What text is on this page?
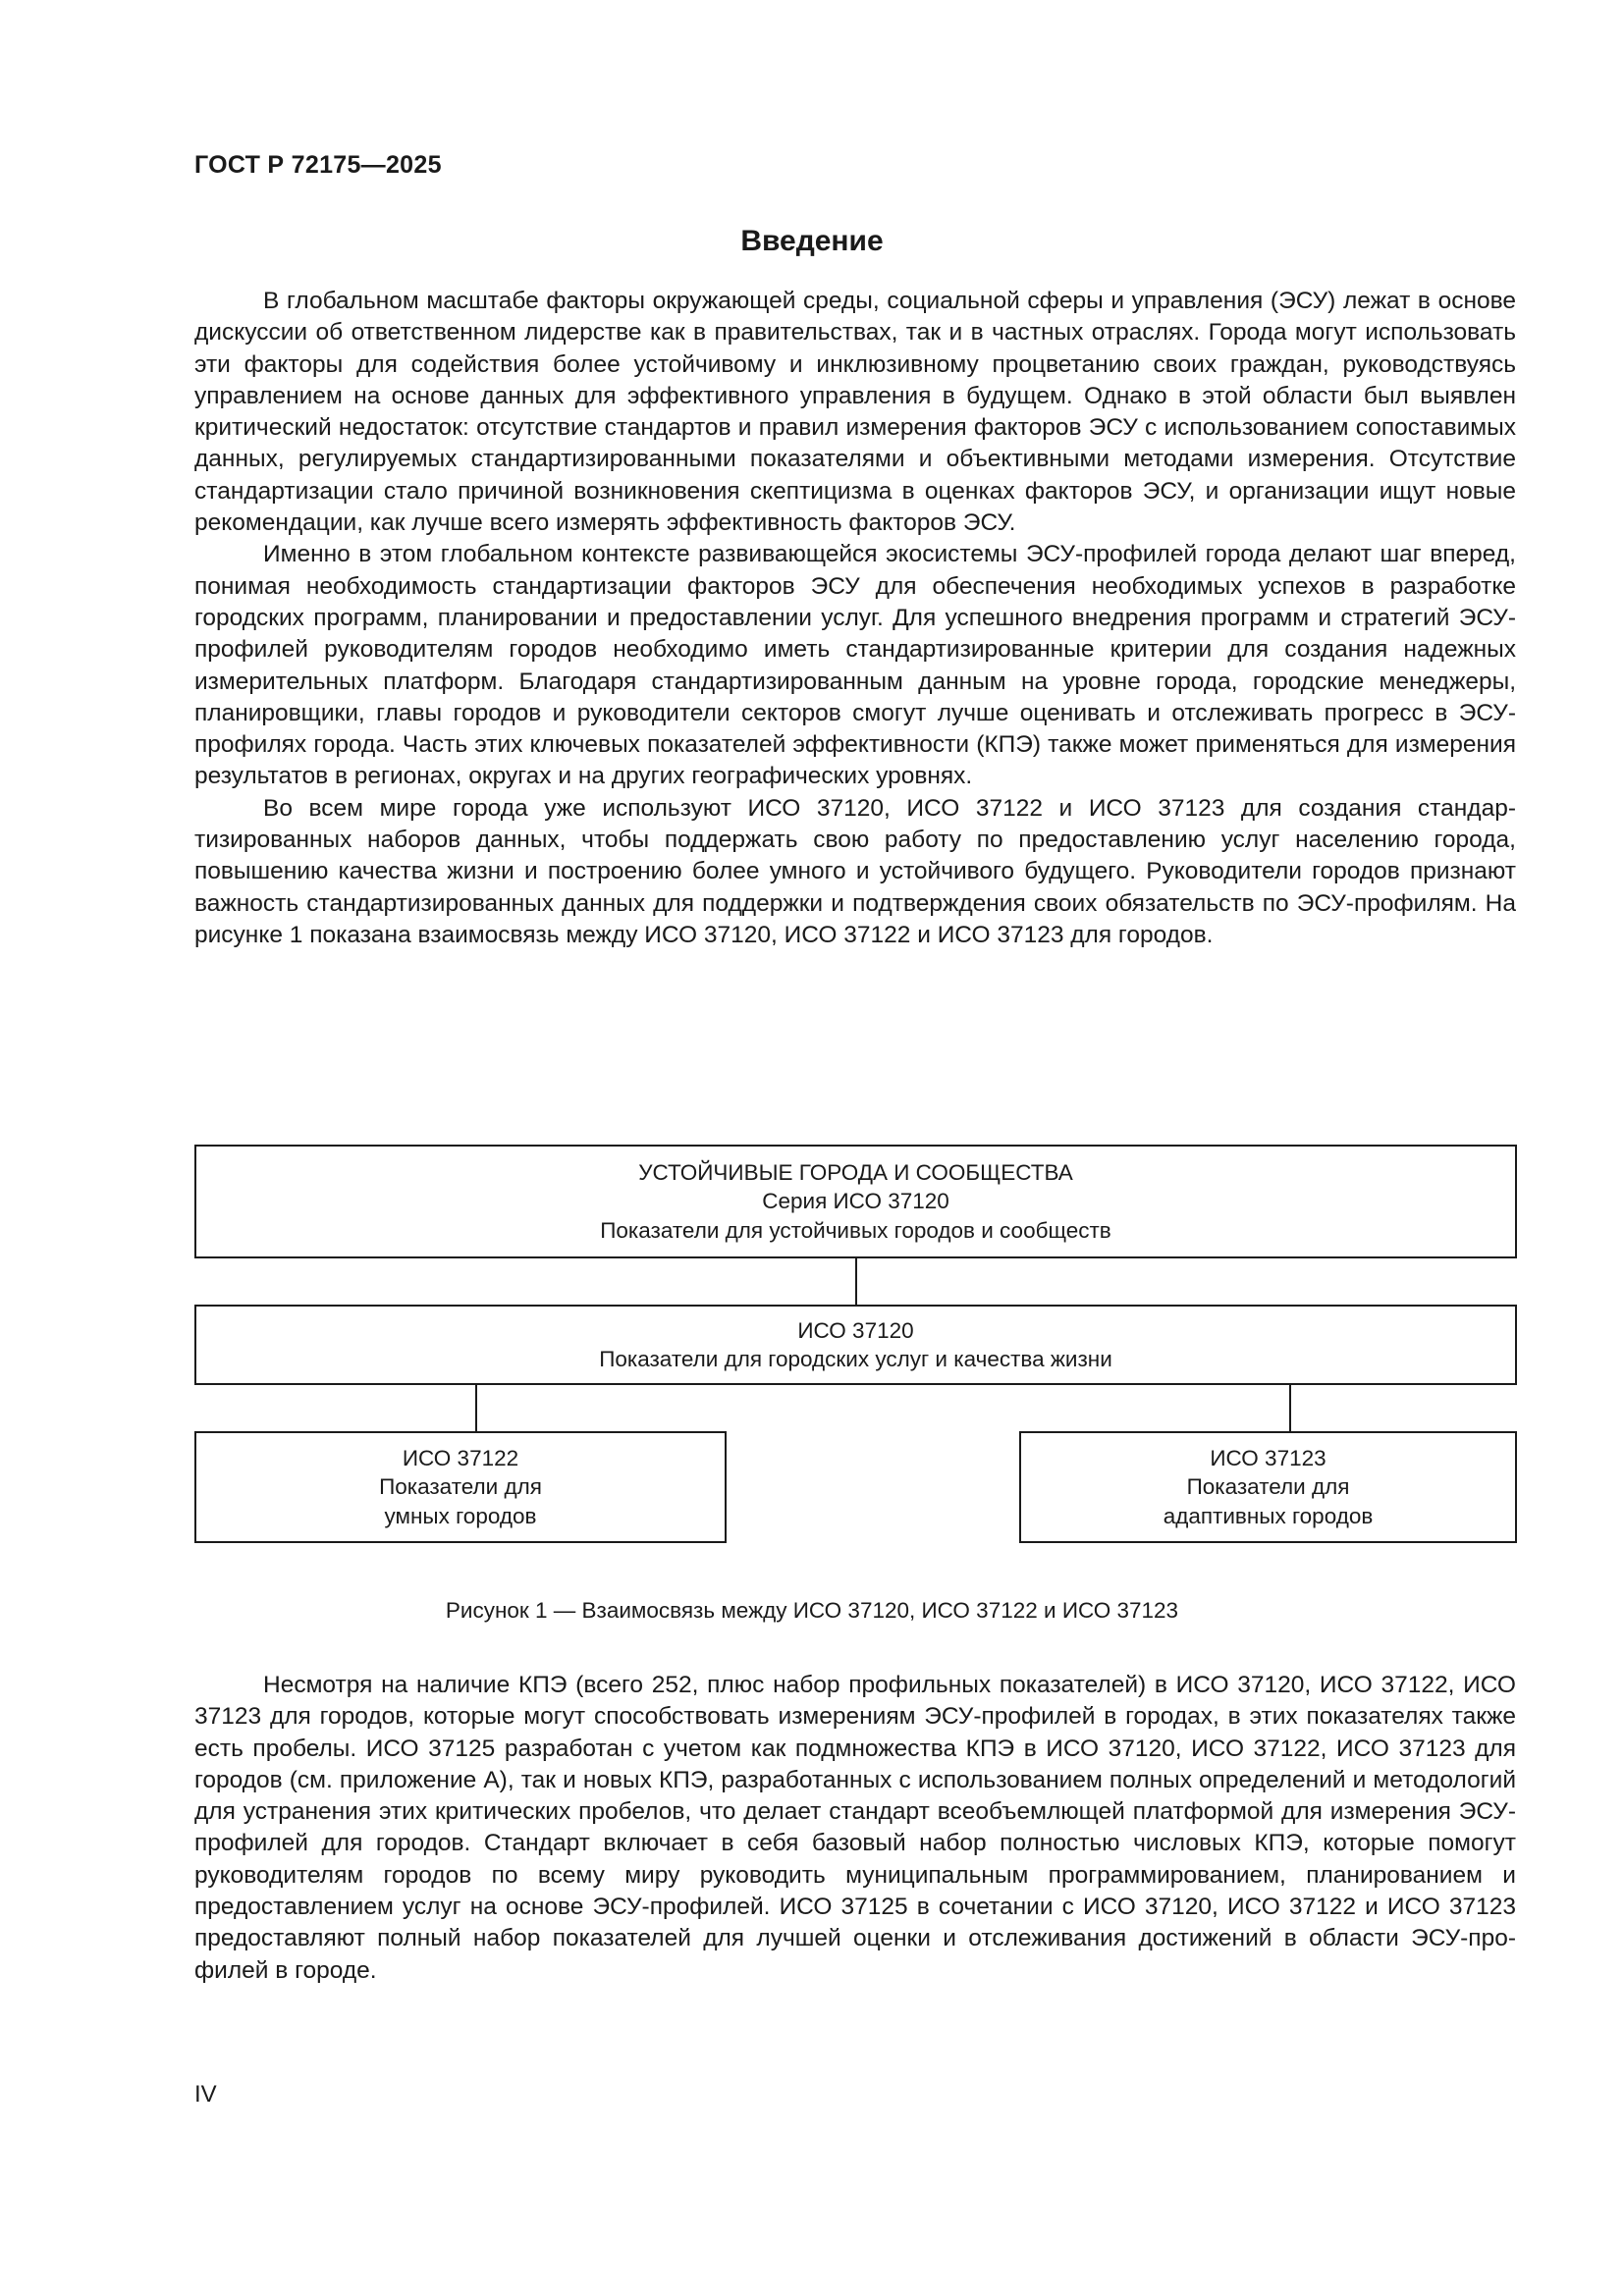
ГОСТ Р 72175—2025
Введение

В глобальном масштабе факторы окружающей среды, социальной сферы и управления (ЭСУ) лежат в основе дискуссии об ответственном лидерстве как в правительствах, так и в частных отраслях. Города могут использовать эти факторы для содействия более устойчивому и инклюзивному процветанию своих граждан, руководствуясь управлением на основе данных для эффективного управления в будущем. Однако в этой области был выявлен критический недостаток: отсутствие стандартов и правил измерения факторов ЭСУ с использованием сопоставимых данных, регулируемых стандартизированными показателями и объективными методами измерения. Отсутствие стандартизации стало причиной возникновения скептицизма в оценках факторов ЭСУ, и организации ищут новые рекомендации, как лучше всего измерять эффективность факторов ЭСУ.

Именно в этом глобальном контексте развивающейся экосистемы ЭСУ-профилей города делают шаг вперед, понимая необходимость стандартизации факторов ЭСУ для обеспечения необходимых успехов в разработке городских программ, планировании и предоставлении услуг. Для успешного внедрения программ и стратегий ЭСУ-профилей руководителям городов необходимо иметь стандартизированные критерии для создания надежных измерительных платформ. Благодаря стандартизированным данным на уровне города, городские менеджеры, планировщики, главы городов и руководители секторов смогут лучше оценивать и отслеживать прогресс в ЭСУ-профилях города. Часть этих ключевых показателей эффективности (КПЭ) также может применяться для измерения результатов в регионах, округах и на других географических уровнях.

Во всем мире города уже используют ИСО 37120, ИСО 37122 и ИСО 37123 для создания стандартизированных наборов данных, чтобы поддержать свою работу по предоставлению услуг населению города, повышению качества жизни и построению более умного и устойчивого будущего. Руководители городов признают важность стандартизированных данных для поддержки и подтверждения своих обязательств по ЭСУ-профилям. На рисунке 1 показана взаимосвязь между ИСО 37120, ИСО 37122 и ИСО 37123 для городов.

УСТОЙЧИВЫЕ ГОРОДА И СООБЩЕСТВА
Серия ИСО 37120
Показатели для устойчивых городов и сообществ
ИСО 37120
Показатели для городских услуг и качества жизни
ИСО 37122
Показатели для
умных городов
ИСО 37123
Показатели для
адаптивных городов
Рисунок 1 — Взаимосвязь между ИСО 37120, ИСО 37122 и ИСО 37123

Несмотря на наличие КПЭ (всего 252, плюс набор профильных показателей) в ИСО 37120, ИСО 37122, ИСО 37123 для городов, которые могут способствовать измерениям ЭСУ-профилей в городах, в этих показателях также есть пробелы. ИСО 37125 разработан с учетом как подмножества КПЭ в ИСО 37120, ИСО 37122, ИСО 37123 для городов (см. приложение А), так и новых КПЭ, разработанных с использованием полных определений и методологий для устранения этих критических пробелов, что делает стандарт всеобъемлющей платформой для измерения ЭСУ-профилей для городов. Стандарт включает в себя базовый набор полностью числовых КПЭ, которые помогут руководителям городов по всему миру руководить муниципальным программированием, планированием и предоставлением услуг на основе ЭСУ-профилей. ИСО 37125 в сочетании с ИСО 37120, ИСО 37122 и ИСО 37123 предоставляют полный набор показателей для лучшей оценки и отслеживания достижений в области ЭСУ-профилей в городе.

IV
